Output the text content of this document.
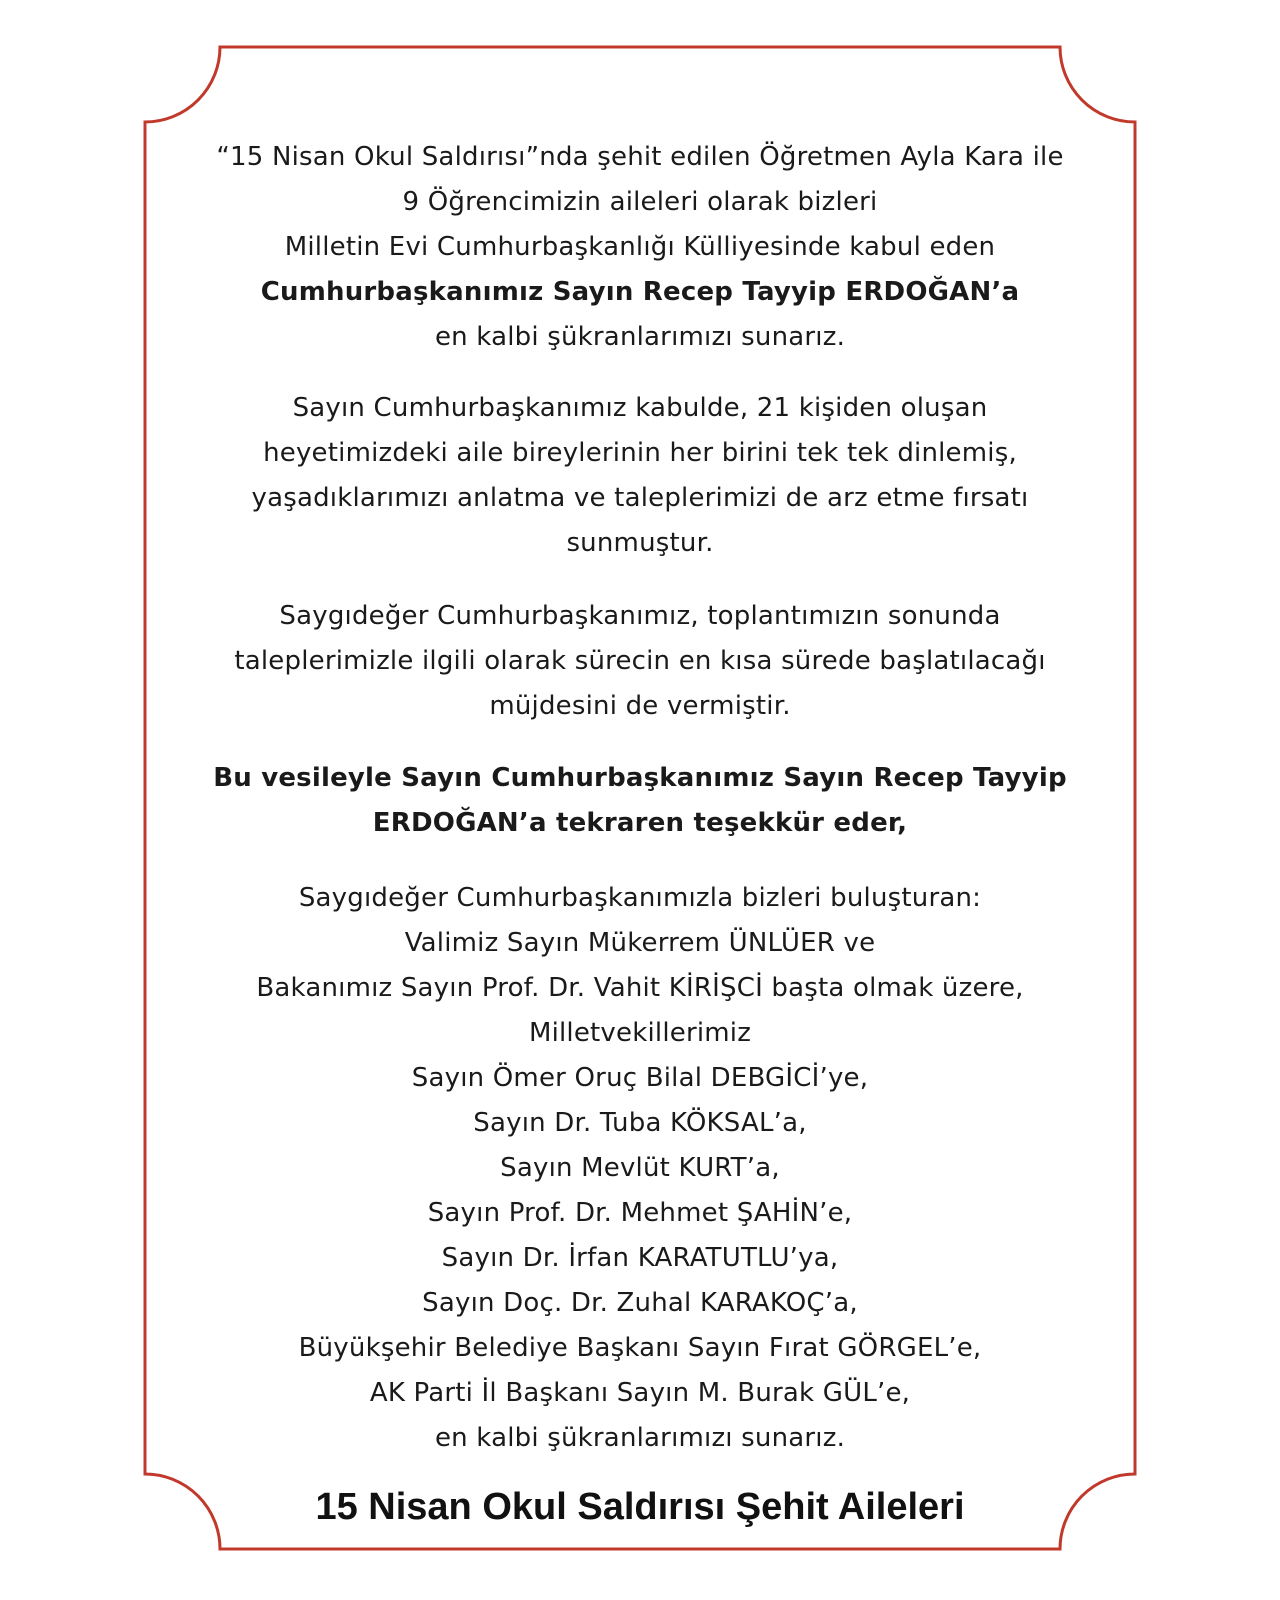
“15 Nisan Okul Saldırısı”nda şehit edilen Öğretmen Ayla Kara ile
9 Öğrencimizin aileleri olarak bizleri
Milletin Evi Cumhurbaşkanlığı Külliyesinde kabul eden
Cumhurbaşkanımız Sayın Recep Tayyip ERDOĞAN’a
en kalbi şükranlarımızı sunarız.
Sayın Cumhurbaşkanımız kabulde, 21 kişiden oluşan
heyetimizdeki aile bireylerinin her birini tek tek dinlemiş,
yaşadıklarımızı anlatma ve taleplerimizi de arz etme fırsatı
sunmuştur.
Saygıdeğer Cumhurbaşkanımız, toplantımızın sonunda
taleplerimizle ilgili olarak sürecin en kısa sürede başlatılacağı
müjdesini de vermiştir.
Bu vesileyle Sayın Cumhurbaşkanımız Sayın Recep Tayyip
ERDOĞAN’a tekraren teşekkür eder,
Saygıdeğer Cumhurbaşkanımızla bizleri buluşturan:
Valimiz Sayın Mükerrem ÜNLÜER ve
Bakanımız Sayın Prof. Dr. Vahit KİRİŞCİ başta olmak üzere,
Milletvekillerimiz
Sayın Ömer Oruç Bilal DEBGİCİ’ye,
Sayın Dr. Tuba KÖKSAL’a,
Sayın Mevlüt KURT’a,
Sayın Prof. Dr. Mehmet ŞAHİN’e,
Sayın Dr. İrfan KARATUTLU’ya,
Sayın Doç. Dr. Zuhal KARAKOÇ’a,
Büyükşehir Belediye Başkanı Sayın Fırat GÖRGEL’e,
AK Parti İl Başkanı Sayın M. Burak GÜL’e,
en kalbi şükranlarımızı sunarız.
15 Nisan Okul Saldırısı Şehit Aileleri
